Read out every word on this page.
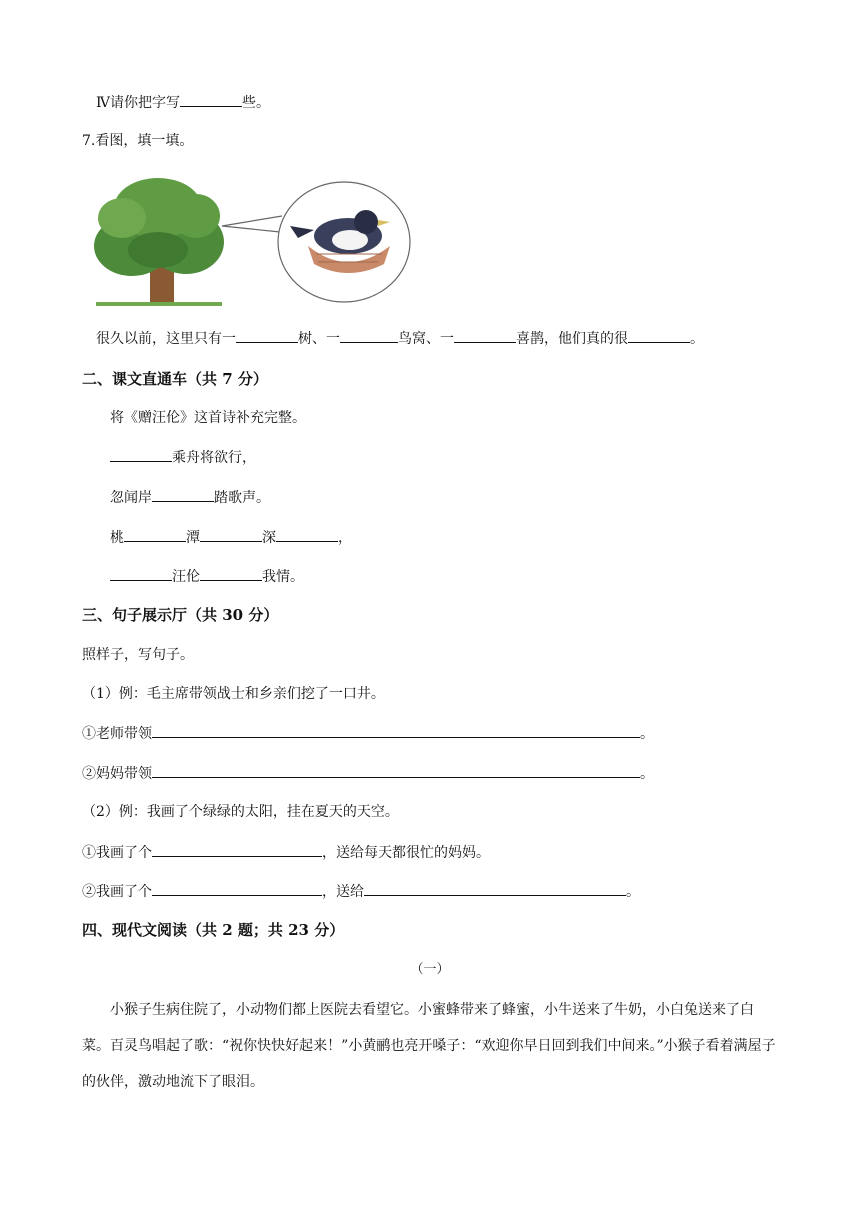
Ⅳ请你把字写	些。
7.看图，填一填。
很久以前，这里只有一	树、一	鸟窝、一	喜鹊，他们真的很	。
二、课文直通车（共 7 分）
将《赠汪伦》这首诗补充完整。
乘舟将欲行，
忽闻岸	踏歌声。
桃	潭	深	，
汪伦	我情。
三、句子展示厅（共 30 分）
照样子，写句子。
（1）例：毛主席带领战士和乡亲们挖了一口井。
①老师带领	。
②妈妈带领	。
（2）例：我画了个绿绿的太阳，挂在夏天的天空。
①我画了个	，送给每天都很忙的妈妈。
②我画了个	，送给	。
四、现代文阅读（共 2 题；共 23 分）
（一）
小猴子生病住院了，小动物们都上医院去看望它。小蜜蜂带来了蜂蜜，小牛送来了牛奶，小白兔送来了白菜。百灵鸟唱起了歌：“祝你快快好起来！”小黄鹂也亮开嗓子：“欢迎你早日回到我们中间来。”小猴子看着满屋子的伙伴，激动地流下了眼泪。
